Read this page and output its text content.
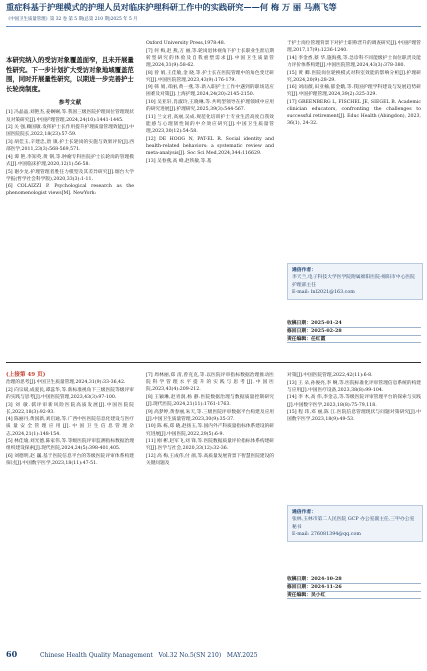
重症科基于护理模式的护理人员对临床护理科研工作中的实践研究——何 梅 万 丽 马燕飞等
《中国卫生质量管理》第 32 卷 第 5 期(总第 210 期)2025 年 5 月
本研究纳入的受访对象覆盖面窄，且未开展量性研究。下一步计划扩大受访对象地域覆盖范围，同时开展量性研究，以期进一步完善护士长轮岗制度。
参考文献
[1] 冯晶晶,刘艳杰,姜娴娴,等.我国三级医院护理岗位管理现状及对策研究[J].中国护理管理,2024,24(10):1441-1445.
[2] 关 强,赖国敏.发挥护士长作用提升护理质量管理效能[J].中国医院院长,2022,18(23):57-59.
[3] 胡佳玉,辛建忠,唐 镇.护士长轮岗的实施与效果评价[J].西部医学,2011,23(3):568-569,571.
[4] 谭 艳,李知英,黄 钢,等.肿瘤专科医院护士长轮岗的管理模式[J].中国临床护理,2020,12(1):56-58.
[5] 谢少龙.护理管理者胜任力模型及其差异研究[J].烟台大学学报(哲学社会科学版),2020,33(3):1-11.
[6] COLAIZZI P. Psychological research as the phenomenologist views[M]. NewYork:
Oxford University Press,1978:48.
[7] 何 梅,赵 燕,万 丽,等.轮岗退休视角下护士长职业生涯后期转型研究的体验及自我重塑需求[J].中国卫生质量管理,2024,31(9):58-62.
[8] 曾 娟,王佳敏,金 晓,等.护士长在医院管理中的角色变迁研究[J].中国医院管理,2023,43(9):176-179.
[9] 韩 娟,邓丽,黄一燕,等.新入职护士工作中遇到的职场适应困难及对策[J].上海护理,2024,24(20):2145-2150.
[10] 吴亚轩,肖淑玲,王晓琳,等.共鸣型领导在护理领域中应用的研究进展[J].护理研究,2025,39(3):544-567.
[11] 兰文君,高丽,吴成.规范化培训护士专业生活高度自我效能感与心理韧性间的中介效应研究[J].中国卫生质量管理,2023,30(12):54-58.
[12] DE HOOG N, PAT-EL R. Social identity and health-related behaviors: a systematic review and meta-analysis[J]. Soc Sci Med,2024,344:116629.
[13] 吴春燕,高 峰,赵铁敏,等.基
于护士岗位管理背景下对护士职称晋升的调查研究[J].中国护理管理,2017,17(9):1236-1240.
[14] 李金香,蔡 华,施海燕,等.急诊科不同能级护士岗位职责及能力评价体系构建[J].中国医院管理,2024,43(3):378-380.
[15] 黄 卿.医院岗位轮换模式对科室效能的影响分析[J].护理研究,2024,20(9):28-29.
[16] 刘雨薇,田亚楠,郁金娥,等.我国护理学科建设与发展趋势研究[J].中国护理管理,2024,39(2):325-329.
[17] GREENBERG L, FISCHEL JE, SIEGEL B. Academic clinician educators, confronting the challenges to successful retirement[J]. Educ Health (Abingdon), 2023, 36(1), 24-32.
通信作者：
李天兰,电子科技大学医学院附属绵阳医院·绵阳市中心医院护理部主任
E-mail: lnl2021@163.com
收稿日期：2025-01-24
修回日期：2025-02-28
责任编辑：任红霞
(上接第 49 页)
治理的思考[J].中国卫生质量管理,2024,31(9):33-36,42.
[2] 向宗斌,成爱民,谭蕊华,等.新标准视角下三级医院等级评审的实践与思考[J].中国医院管理,2023,43(3):97-100.
[3] 刘 敏.儒评审新风险医院高质发展[J].中国医院院长,2022,18(3):92-93.
[4] 陈丽丹,黄国新,刘启通,等.广西中医医院信息化建设与医疗质量安全管理应用[J].中国卫生信息管理杂志,2024,21(1):148-154.
[5] 林佳瑜,刘光德,陈家伟,等.等级医院评审监测指标数据治理组织建设探索[J].现代医院,2024,24(5):398-401,405.
[6] 刘德明,赵 巍.基于医院信息平台的等级医院评审体系构建探讨[J].中国数字医学,2023,18(11):47-51.
[7] 周林丽,郑 清,曾克克,等.以医院评审指标数据治理推动医院科学管理水平提升的实践与思考[J].中国医院,2023,43(4):209-212.
[8] 王颖琳,赵青润,杨 静.医院数据治理与数据质量控制研究[J].现代医院,2024,21(11):1761-1763.
[9] 高梦婷,黄春丽,朱天,等.三级医院评审数据平台构建及应用[J].中国卫生质量管理,2023,30(9):35-37.
[10] 陈 栋,郑 晓,赵扬玉,等.国内外产科质量指标体系建设的研究进展[J].中国医院,2022,29(5):6-9.
[11] 刚 彬,赵军飞,刘 锋,等.医院数据质量评价指标体系构建研究[J].医学与社会,2020,33(12):32-36.
[12] 高 梅,王成伟,付 颜,等.高质量发展背景下智慧医院建设的关键问题及
对策[J].中国医院管理,2022,42(11):6-8.
[13] 王 朵,孙俊亮,李 啊,等.医院标准化评审管理信息系统的构建与应用[J].中国医疗设备,2023,38(8):99-104.
[14] 李 木,高 伟,李金志,等.等级医院评审管理平台的探索与实践[J].中国数字医学,2023,18(8):75-79,118.
[15] 程 玮,邓 丽,陈 江.医院信息管理现状与问题对策研究[J].中国数字医学,2023,18(9):49-53.
通信作者：
张林,玉林市第二人民医院 GCP 办公室副主任,三甲办公室秘书
E-mail: 276081394@qq.com
收稿日期：2024-10-28
修回日期：2024-11-26
责任编辑：吴小红
60	Chinese Health Quality Management Vol.32 No.5(SN 210) MAY.2025
